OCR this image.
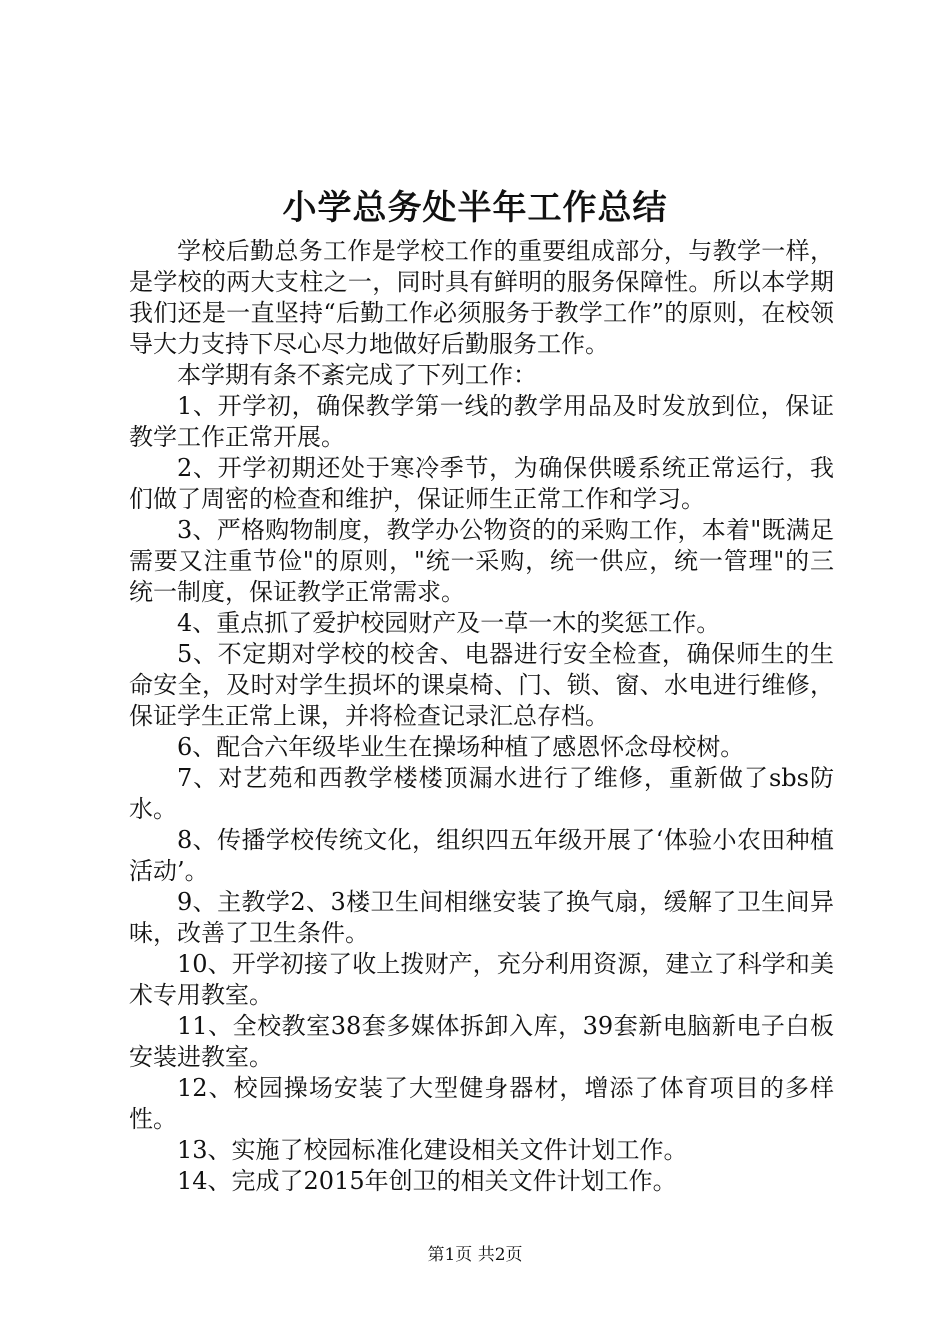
小学总务处半年工作总结

学校后勤总务工作是学校工作的重要组成部分，与教学一样，是学校的两大支柱之一，同时具有鲜明的服务保障性。所以本学期我们还是一直坚持“后勤工作必须服务于教学工作”的原则，在校领导大力支持下尽心尽力地做好后勤服务工作。

本学期有条不紊完成了下列工作：

1、开学初，确保教学第一线的教学用品及时发放到位，保证教学工作正常开展。

2、开学初期还处于寒冷季节，为确保供暖系统正常运行，我们做了周密的检查和维护，保证师生正常工作和学习。

3、严格购物制度，教学办公物资的的采购工作，本着"既满足需要又注重节俭"的原则，"统一采购，统一供应，统一管理"的三统一制度，保证教学正常需求。

4、重点抓了爱护校园财产及一草一木的奖惩工作。

5、不定期对学校的校舍、电器进行安全检查，确保师生的生命安全，及时对学生损坏的课桌椅、门、锁、窗、水电进行维修，保证学生正常上课，并将检查记录汇总存档。

6、配合六年级毕业生在操场种植了感恩怀念母校树。

7、对艺苑和西教学楼楼顶漏水进行了维修，重新做了sbs防水。

8、传播学校传统文化，组织四五年级开展了‘体验小农田种植活动’。

9、主教学2、3楼卫生间相继安装了换气扇，缓解了卫生间异味，改善了卫生条件。

10、开学初接了收上拨财产，充分利用资源，建立了科学和美术专用教室。

11、全校教室38套多媒体拆卸入库，39套新电脑新电子白板安装进教室。

12、校园操场安装了大型健身器材，增添了体育项目的多样性。

13、实施了校园标准化建设相关文件计划工作。

14、完成了2015年创卫的相关文件计划工作。

第1页 共2页
